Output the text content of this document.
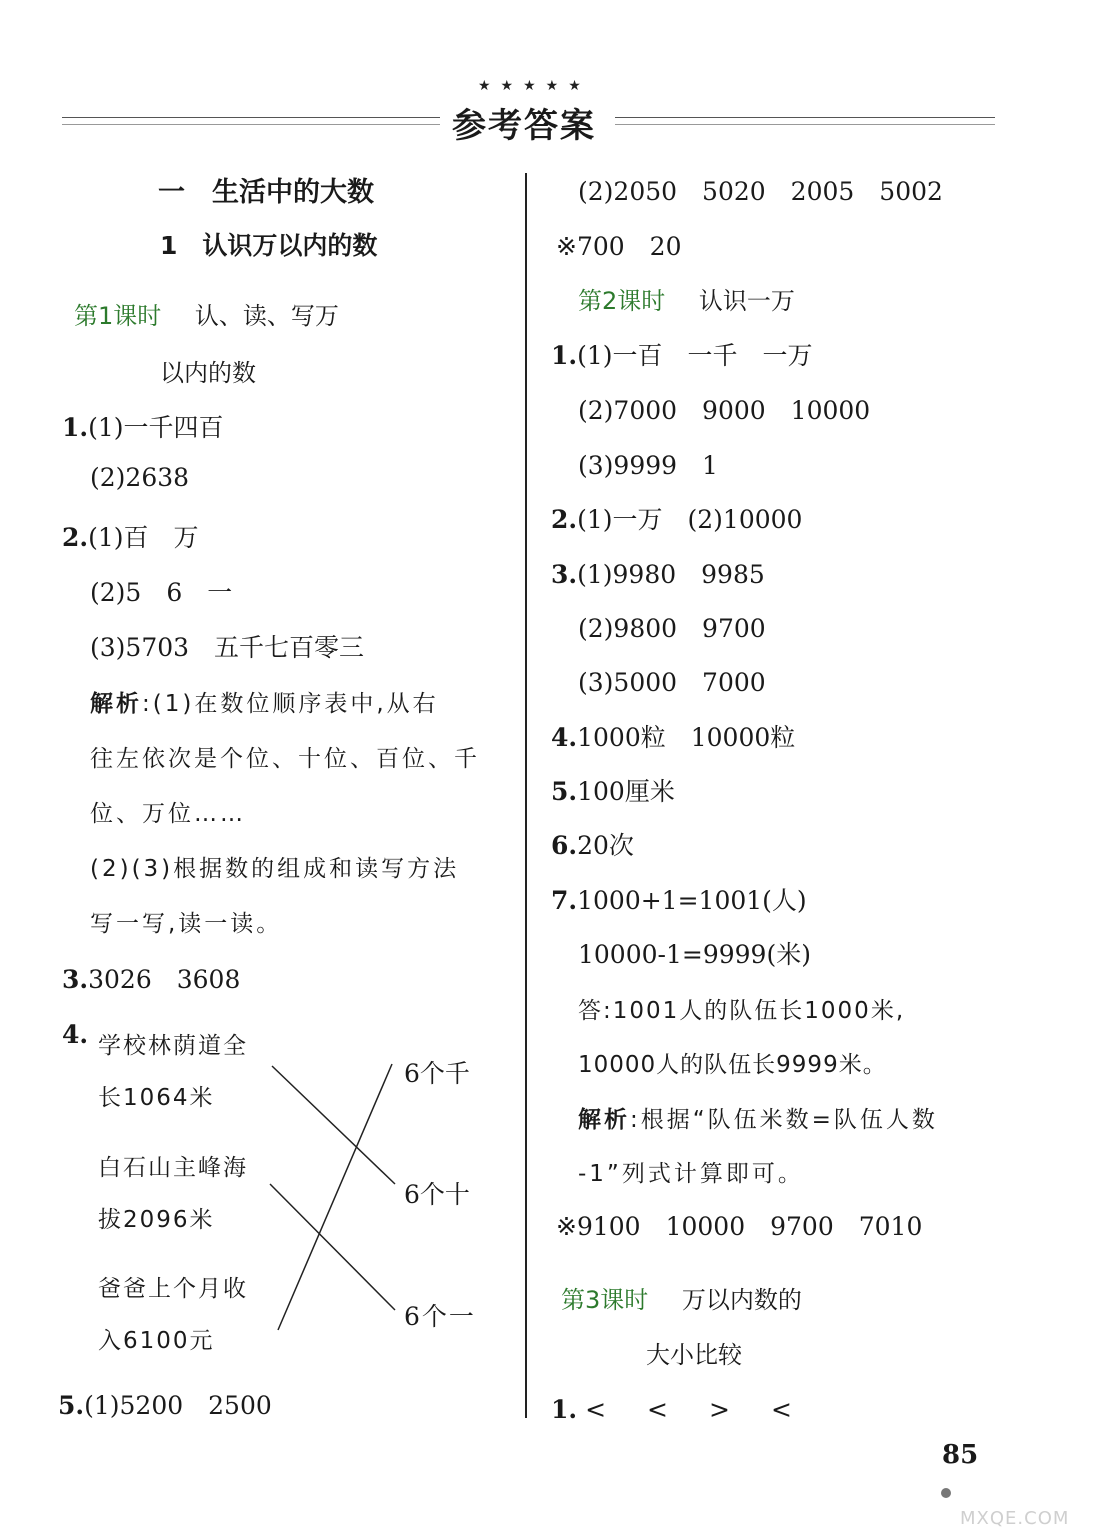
★★★★★
参考答案
一　生活中的大数
1　认识万以内的数
第1课时 认、读、写万
以内的数
1.(1)一千四百
(2)2638
2.(1)百　万
(2)5　6　一
(3)5703　五千七百零三
解析:(1)在数位顺序表中,从右
往左依次是个位、十位、百位、千
位、万位……
(2)(3)根据数的组成和读写方法
写一写,读一读。
3.3026　3608
4. 学校林荫道全
长1064米
白石山主峰海
拔2096米
爸爸上个月收
入6100元
6个千
6个十
6个一
5.(1)5200　2500
(2)2050　5020　2005　5002
※700　20
第2课时 认识一万
1.(1)一百　一千　一万
(2)7000　9000　10000
(3)9999　1
2.(1)一万　(2)10000
3.(1)9980　9985
(2)9800　9700
(3)5000　7000
4.1000粒　10000粒
5.100厘米
6.20次
7.1000+1=1001(人)
10000-1=9999(米)
答:1001人的队伍长1000米,
10000人的队伍长9999米。
解析:根据“队伍米数=队伍人数
-1”列式计算即可。
※9100　10000　9700　7010
第3课时 万以内数的
大小比较
1. <　<　>　<
85
MXQE.COM
